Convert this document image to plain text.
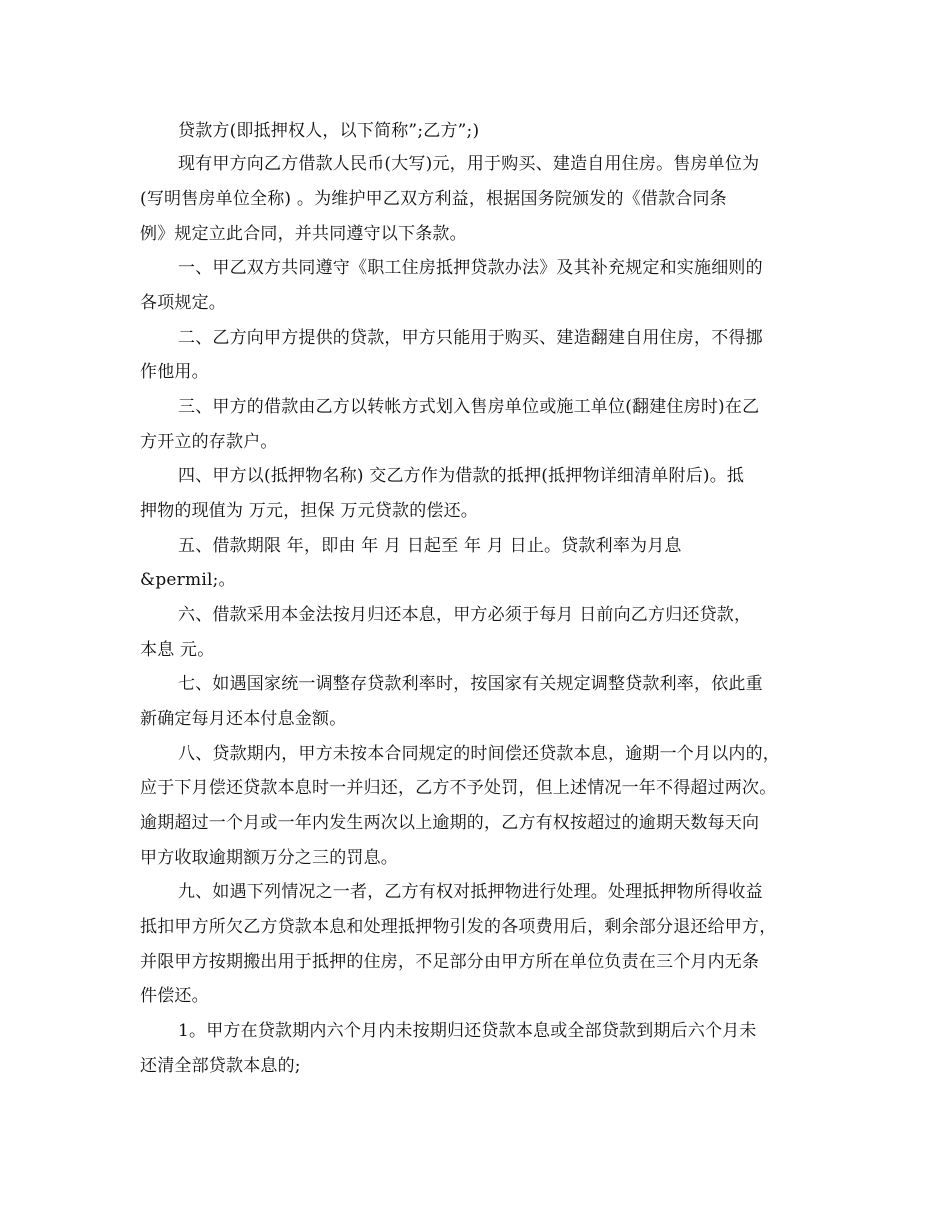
贷款方(即抵押权人，以下简称”;乙方”;)
现有甲方向乙方借款人民币(大写)元，用于购买、建造自用住房。售房单位为
(写明售房单位全称) 。为维护甲乙双方利益，根据国务院颁发的《借款合同条
例》规定立此合同，并共同遵守以下条款。
一、甲乙双方共同遵守《职工住房抵押贷款办法》及其补充规定和实施细则的
各项规定。
二、乙方向甲方提供的贷款，甲方只能用于购买、建造翻建自用住房，不得挪
作他用。
三、甲方的借款由乙方以转帐方式划入售房单位或施工单位(翻建住房时)在乙
方开立的存款户。
四、甲方以(抵押物名称) 交乙方作为借款的抵押(抵押物详细清单附后)。抵
押物的现值为 万元，担保 万元贷款的偿还。
五、借款期限 年，即由 年 月 日起至 年 月 日止。贷款利率为月息
&permil;。
六、借款采用本金法按月归还本息，甲方必须于每月 日前向乙方归还贷款，
本息 元。
七、如遇国家统一调整存贷款利率时，按国家有关规定调整贷款利率，依此重
新确定每月还本付息金额。
八、贷款期内，甲方未按本合同规定的时间偿还贷款本息，逾期一个月以内的，
应于下月偿还贷款本息时一并归还，乙方不予处罚，但上述情况一年不得超过两次。
逾期超过一个月或一年内发生两次以上逾期的，乙方有权按超过的逾期天数每天向
甲方收取逾期额万分之三的罚息。
九、如遇下列情况之一者，乙方有权对抵押物进行处理。处理抵押物所得收益
抵扣甲方所欠乙方贷款本息和处理抵押物引发的各项费用后，剩余部分退还给甲方，
并限甲方按期搬出用于抵押的住房，不足部分由甲方所在单位负责在三个月内无条
件偿还。
1。甲方在贷款期内六个月内未按期归还贷款本息或全部贷款到期后六个月未
还清全部贷款本息的;
